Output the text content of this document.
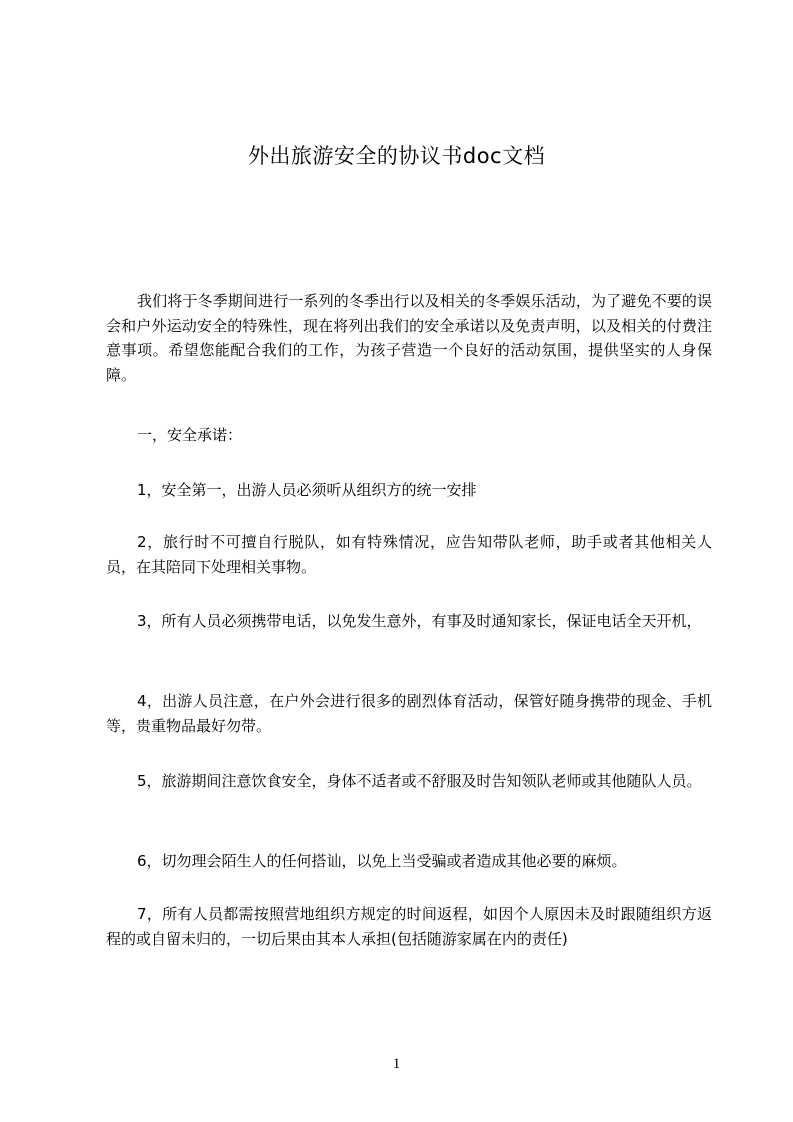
外出旅游安全的协议书doc文档

我们将于冬季期间进行一系列的冬季出行以及相关的冬季娱乐活动，为了避免不要的误会和户外运动安全的特殊性，现在将列出我们的安全承诺以及免责声明，以及相关的付费注意事项。希望您能配合我们的工作，为孩子营造一个良好的活动氛围，提供坚实的人身保障。

一，安全承诺：

1，安全第一，出游人员必须听从组织方的统一安排

2，旅行时不可擅自行脱队，如有特殊情况，应告知带队老师，助手或者其他相关人员，在其陪同下处理相关事物。

3，所有人员必须携带电话，以免发生意外，有事及时通知家长，保证电话全天开机，

4，出游人员注意，在户外会进行很多的剧烈体育活动，保管好随身携带的现金、手机等，贵重物品最好勿带。

5，旅游期间注意饮食安全，身体不适者或不舒服及时告知领队老师或其他随队人员。

6，切勿理会陌生人的任何搭讪，以免上当受骗或者造成其他必要的麻烦。

7，所有人员都需按照营地组织方规定的时间返程，如因个人原因未及时跟随组织方返程的或自留未归的，一切后果由其本人承担(包括随游家属在内的责任)

1
